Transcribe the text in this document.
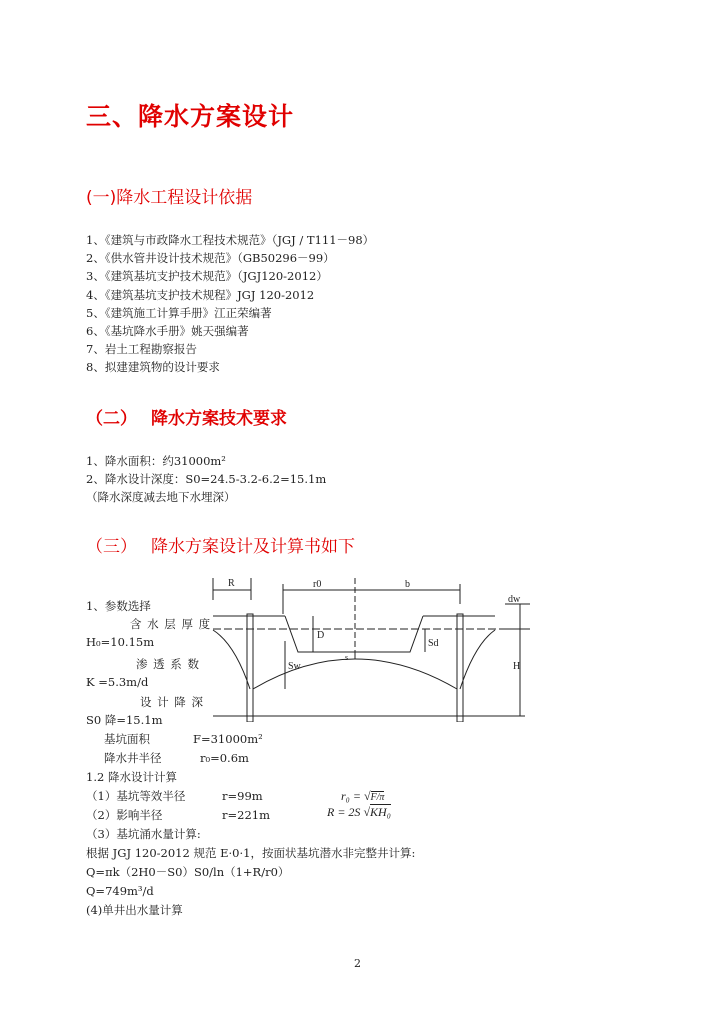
三、降水方案设计
(一)降水工程设计依据
1、《建筑与市政降水工程技术规范》（JGJ / T111－98）
2、《供水管井设计技术规范》（GB50296－99）
3、《建筑基坑支护技术规范》（JGJ120-2012）
4、《建筑基坑支护技术规程》JGJ 120-2012
5、《建筑施工计算手册》江正荣编著
6、《基坑降水手册》姚天强编著
7、岩土工程勘察报告
8、拟建建筑物的设计要求
（二） 降水方案技术要求
1、降水面积：约31000m²
2、降水设计深度：S0=24.5-3.2-6.2=15.1m
（降水深度减去地下水埋深）
（三） 降水方案设计及计算书如下
1、参数选择
含 水 层 厚 度
H₀=10.15m
渗 透 系 数
K =5.3m/d
设 计 降 深
S0 降=15.1m
基坑面积	F=31000m²
降水井半径	r₀=0.6m
1.2 降水设计计算
（1）基坑等效半径	r=99m
（2）影响半径	r=221m
（3）基坑涌水量计算:
根据 JGJ 120-2012 规范 E·0·1，按面状基坑潜水非完整井计算:
Q=πk（2H0－S0）S0/ln（1+R/r0）
Q=749m³/d
(4)单井出水量计算
r₀ = √F/π
R = 2S √KH₀
R	r0	b
dw
D
Sw
Sd
s
H
2
